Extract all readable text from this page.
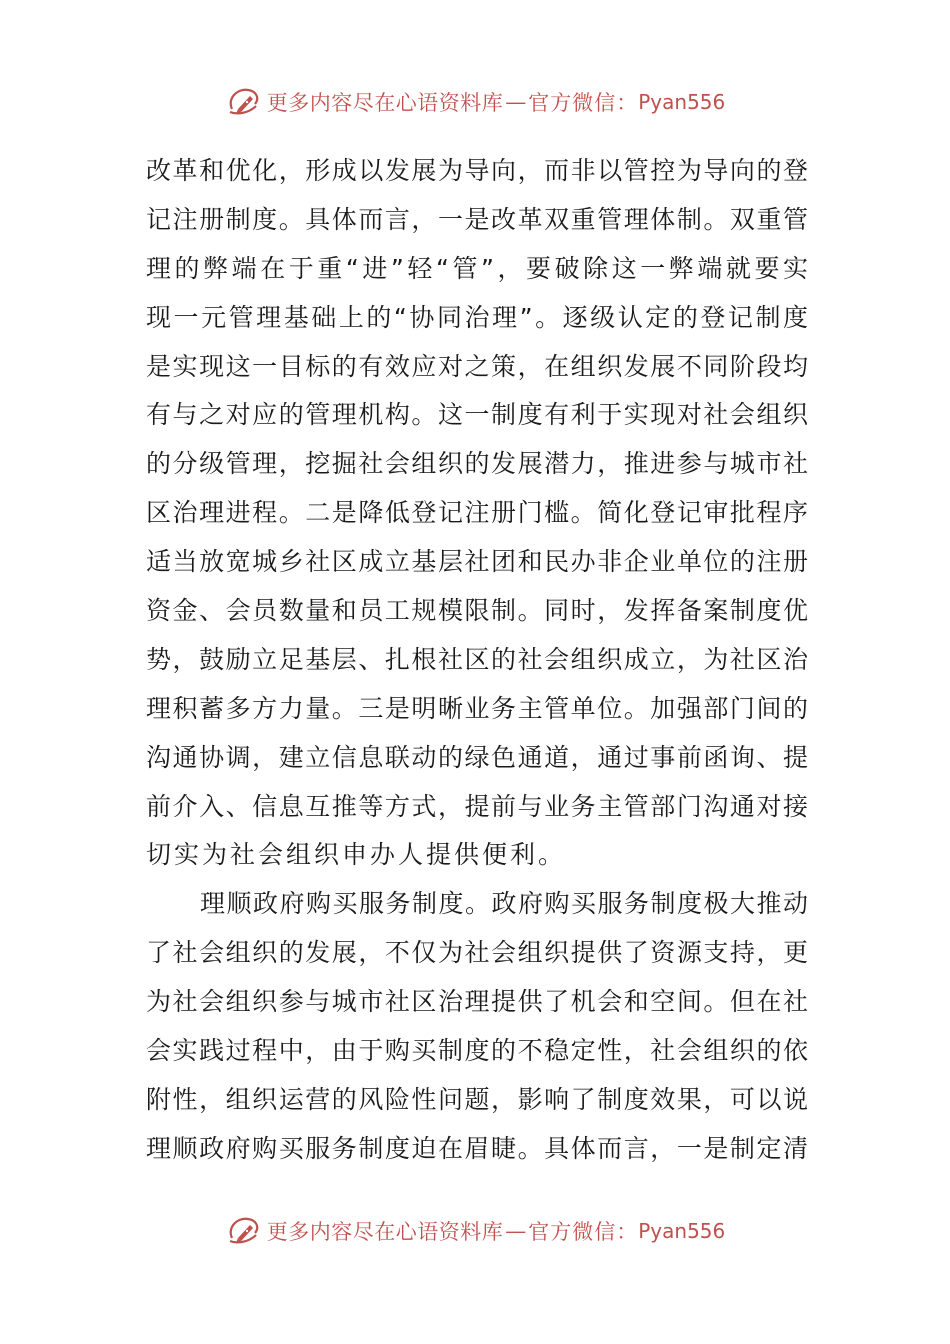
更多内容尽在心语资料库 — 官方微信： Pyan556
改革和优化，形成以发展为导向，而非以管控为导向的登
记注册制度。具体而言，一是改革双重管理体制。双重管
理的弊端在于重“进”轻“管”，要破除这一弊端就要实
现一元管理基础上的“协同治理”。逐级认定的登记制度
是实现这一目标的有效应对之策，在组织发展不同阶段均
有与之对应的管理机构。这一制度有利于实现对社会组织
的分级管理，挖掘社会组织的发展潜力，推进参与城市社
区治理进程。二是降低登记注册门槛。简化登记审批程序
适当放宽城乡社区成立基层社团和民办非企业单位的注册
资金、会员数量和员工规模限制。同时，发挥备案制度优
势，鼓励立足基层、扎根社区的社会组织成立，为社区治
理积蓄多方力量。三是明晰业务主管单位。加强部门间的
沟通协调，建立信息联动的绿色通道，通过事前函询、提
前介入、信息互推等方式，提前与业务主管部门沟通对接
切实为社会组织申办人提供便利。
理顺政府购买服务制度。政府购买服务制度极大推动
了社会组织的发展，不仅为社会组织提供了资源支持，更
为社会组织参与城市社区治理提供了机会和空间。但在社
会实践过程中，由于购买制度的不稳定性，社会组织的依
附性，组织运营的风险性问题，影响了制度效果，可以说
理顺政府购买服务制度迫在眉睫。具体而言，一是制定清
更多内容尽在心语资料库 — 官方微信： Pyan556
